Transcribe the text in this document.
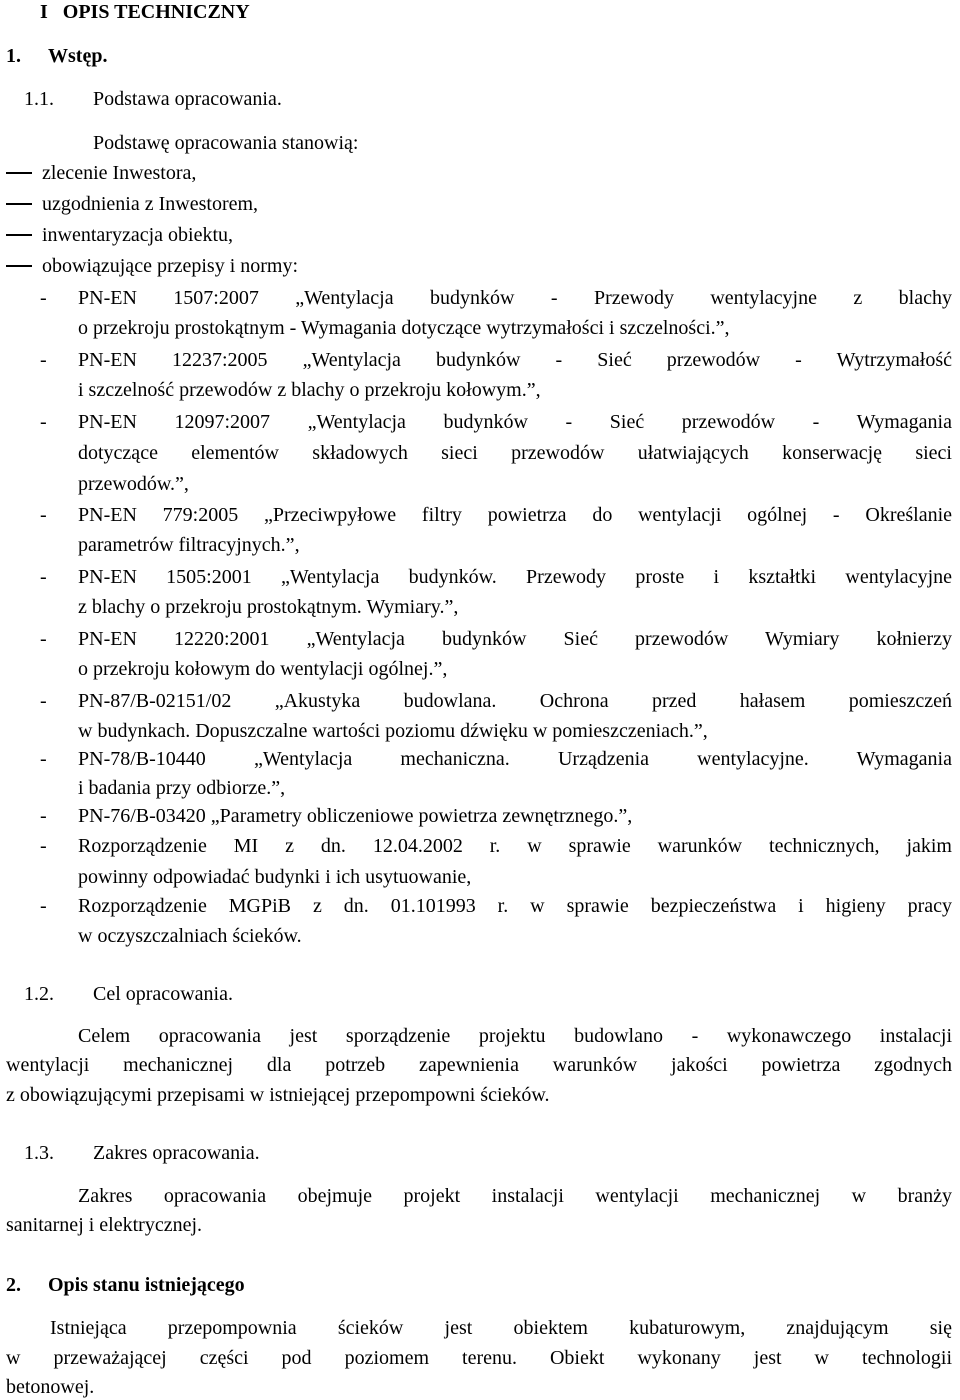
I   OPIS TECHNICZNY
1. Wstęp.
1.1. Podstawa opracowania.
Podstawę opracowania stanowią:
zlecenie Inwestora,
uzgodnienia z Inwestorem,
inwentaryzacja obiektu,
obowiązujące przepisy i normy:
- PN-EN 1507:2007 „Wentylacja budynków - Przewody wentylacyjne z blachy
o przekroju prostokątnym - Wymagania dotyczące wytrzymałości i szczelności.”,
- PN-EN 12237:2005 „Wentylacja budynków - Sieć przewodów - Wytrzymałość
i szczelność przewodów z blachy o przekroju kołowym.”,
- PN-EN 12097:2007 „Wentylacja budynków - Sieć przewodów - Wymagania
dotyczące elementów składowych sieci przewodów ułatwiających konserwację sieci
przewodów.”,
- PN-EN 779:2005 „Przeciwpyłowe filtry powietrza do wentylacji ogólnej - Określanie
parametrów filtracyjnych.”,
- PN-EN 1505:2001 „Wentylacja budynków. Przewody proste i kształtki wentylacyjne
z blachy o przekroju prostokątnym. Wymiary.”,
- PN-EN 12220:2001 „Wentylacja budynków Sieć przewodów Wymiary kołnierzy
o przekroju kołowym do wentylacji ogólnej.”,
- PN-87/B-02151/02 „Akustyka budowlana. Ochrona przed hałasem pomieszczeń
w budynkach. Dopuszczalne wartości poziomu dźwięku w pomieszczeniach.”,
- PN-78/B-10440 „Wentylacja mechaniczna. Urządzenia wentylacyjne. Wymagania
i badania przy odbiorze.”,
- PN-76/B-03420 „Parametry obliczeniowe powietrza zewnętrznego.”,
- Rozporządzenie MI z dn. 12.04.2002 r. w sprawie warunków technicznych, jakim
powinny odpowiadać budynki i ich usytuowanie,
- Rozporządzenie MGPiB z dn. 01.101993 r. w sprawie bezpieczeństwa i higieny pracy
w oczyszczalniach ścieków.
1.2. Cel opracowania.
Celem opracowania jest sporządzenie projektu budowlano - wykonawczego instalacji
wentylacji mechanicznej dla potrzeb zapewnienia warunków jakości powietrza zgodnych
z obowiązującymi przepisami w istniejącej przepompowni ścieków.
1.3. Zakres opracowania.
Zakres opracowania obejmuje projekt instalacji wentylacji mechanicznej w branży
sanitarnej i elektrycznej.
2. Opis stanu istniejącego
Istniejąca przepompownia ścieków jest obiektem kubaturowym, znajdującym się
w przeważającej części pod poziomem terenu. Obiekt wykonany jest w technologii
betonowej.
